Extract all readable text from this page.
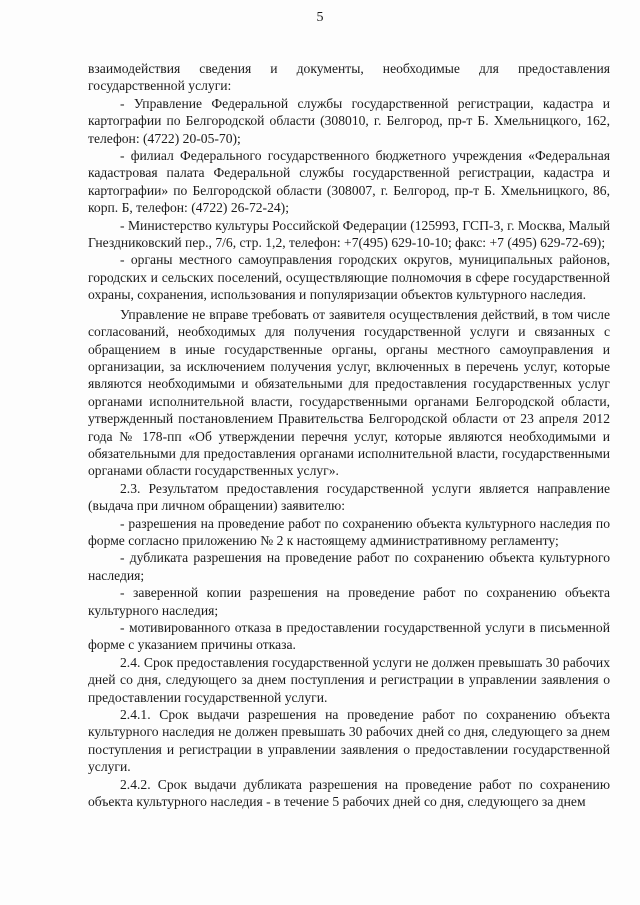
5

взаимодействия сведения и документы, необходимые для предоставления государственной услуги:

- Управление Федеральной службы государственной регистрации, кадастра и картографии по Белгородской области (308010, г. Белгород, пр-т Б. Хмельницкого, 162, телефон: (4722) 20-05-70);

- филиал Федерального государственного бюджетного учреждения «Федеральная кадастровая палата Федеральной службы государственной регистрации, кадастра и картографии» по Белгородской области (308007, г. Белгород, пр-т Б. Хмельницкого, 86, корп. Б, телефон: (4722) 26-72-24);

- Министерство культуры Российской Федерации (125993, ГСП-3, г. Москва, Малый Гнездниковский пер., 7/6, стр. 1,2, телефон: +7(495) 629-10-10; факс: +7 (495) 629-72-69);

- органы местного самоуправления городских округов, муниципальных районов, городских и сельских поселений, осуществляющие полномочия в сфере государственной охраны, сохранения, использования и популяризации объектов культурного наследия.

Управление не вправе требовать от заявителя осуществления действий, в том числе согласований, необходимых для получения государственной услуги и связанных с обращением в иные государственные органы, органы местного самоуправления и организации, за исключением получения услуг, включенных в перечень услуг, которые являются необходимыми и обязательными для предоставления государственных услуг органами исполнительной власти, государственными органами Белгородской области, утвержденный постановлением Правительства Белгородской области от 23 апреля 2012 года № 178-пп «Об утверждении перечня услуг, которые являются необходимыми и обязательными для предоставления органами исполнительной власти, государственными органами области государственных услуг».

2.3. Результатом предоставления государственной услуги является направление (выдача при личном обращении) заявителю:

- разрешения на проведение работ по сохранению объекта культурного наследия по форме согласно приложению № 2 к настоящему административному регламенту;

- дубликата разрешения на проведение работ по сохранению объекта культурного наследия;

- заверенной копии разрешения на проведение работ по сохранению объекта культурного наследия;

- мотивированного отказа в предоставлении государственной услуги в письменной форме с указанием причины отказа.

2.4. Срок предоставления государственной услуги не должен превышать 30 рабочих дней со дня, следующего за днем поступления и регистрации в управлении заявления о предоставлении государственной услуги.

2.4.1. Срок выдачи разрешения на проведение работ по сохранению объекта культурного наследия не должен превышать 30 рабочих дней со дня, следующего за днем поступления и регистрации в управлении заявления о предоставлении государственной услуги.

2.4.2. Срок выдачи дубликата разрешения на проведение работ по сохранению объекта культурного наследия - в течение 5 рабочих дней со дня, следующего за днем
